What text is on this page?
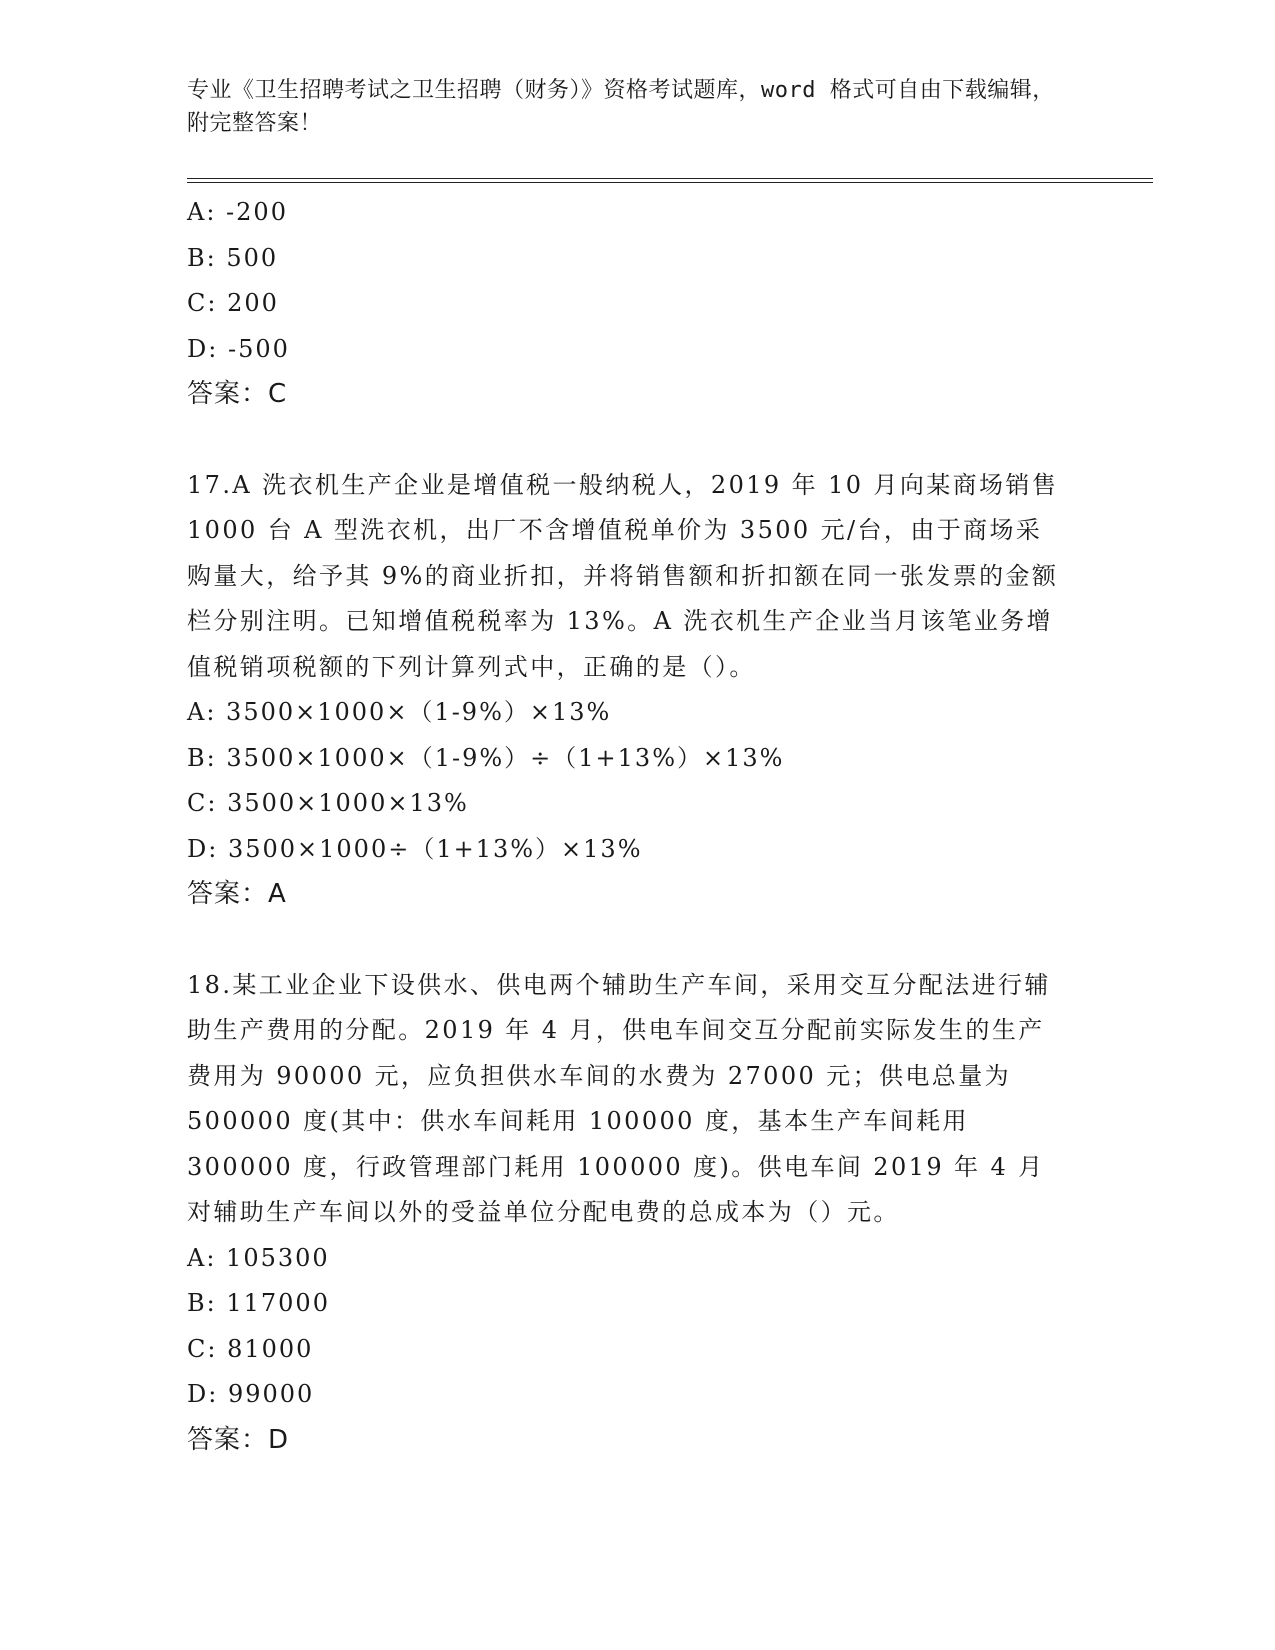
专业《卫生招聘考试之卫生招聘（财务）》资格考试题库，word 格式可自由下载编辑，附完整答案！

A: -200

B: 500

C: 200

D: -500

答案：C

17.A 洗衣机生产企业是增值税一般纳税人，2019 年 10 月向某商场销售 1000 台 A 型洗衣机，出厂不含增值税单价为 3500 元/台，由于商场采购量大，给予其 9%的商业折扣，并将销售额和折扣额在同一张发票的金额栏分别注明。已知增值税税率为 13%。A 洗衣机生产企业当月该笔业务增值税销项税额的下列计算列式中，正确的是（）。

A: 3500×1000×（1-9%）×13%

B: 3500×1000×（1-9%）÷（1+13%）×13%

C: 3500×1000×13%

D: 3500×1000÷（1+13%）×13%

答案：A

18.某工业企业下设供水、供电两个辅助生产车间，采用交互分配法进行辅助生产费用的分配。2019 年 4 月，供电车间交互分配前实际发生的生产费用为 90000 元，应负担供水车间的水费为 27000 元；供电总量为 500000 度(其中：供水车间耗用 100000 度，基本生产车间耗用 300000 度，行政管理部门耗用 100000 度)。供电车间 2019 年 4 月对辅助生产车间以外的受益单位分配电费的总成本为（）元。

A: 105300

B: 117000

C: 81000

D: 99000

答案：D
